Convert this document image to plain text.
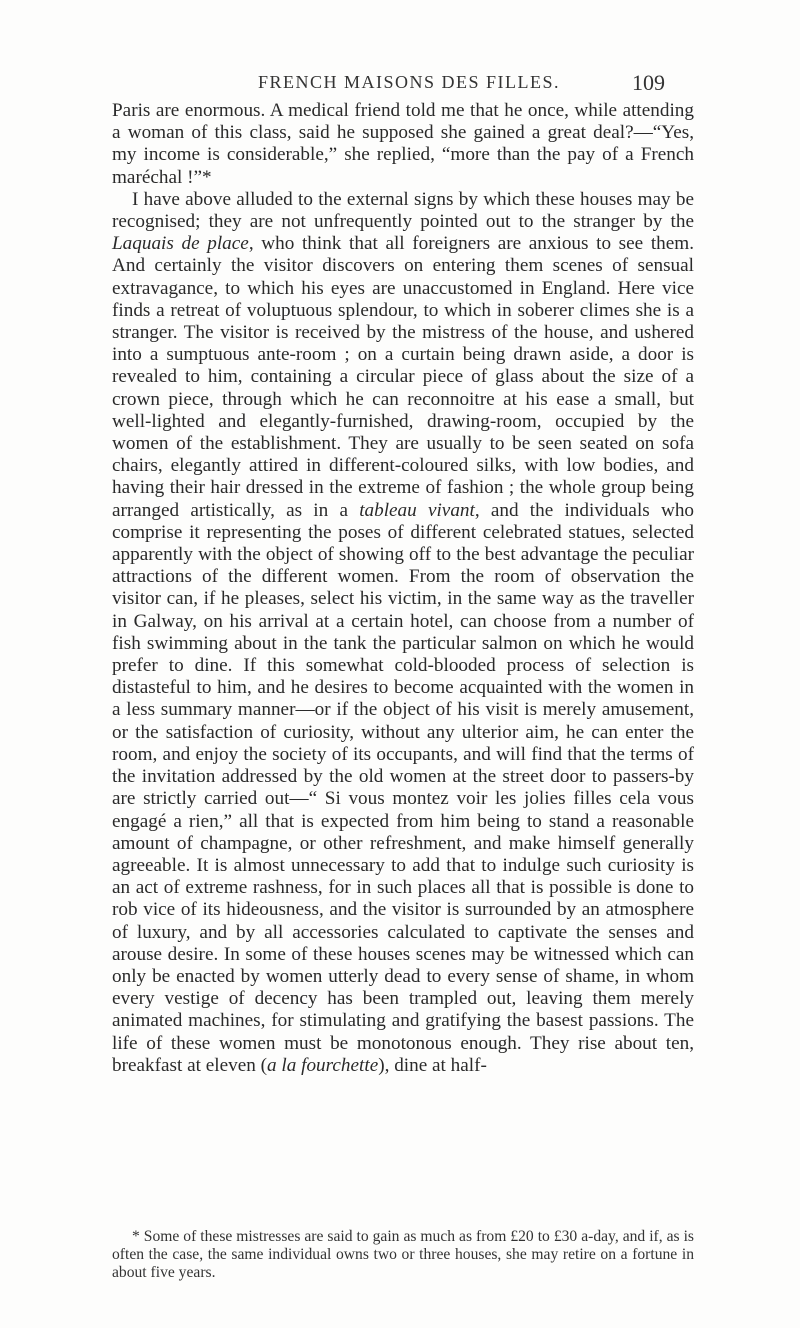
FRENCH MAISONS DES FILLES.	109

Paris are enormous. A medical friend told me that he once, while attending a woman of this class, said he supposed she gained a great deal?—“Yes, my income is considerable,” she replied, “more than the pay of a French maréchal !”*

I have above alluded to the external signs by which these houses may be recognised; they are not unfrequently pointed out to the stranger by the Laquais de place, who think that all foreigners are anxious to see them. And certainly the visitor discovers on entering them scenes of sensual extravagance, to which his eyes are unaccustomed in England. Here vice finds a retreat of voluptuous splendour, to which in soberer climes she is a stranger. The visitor is received by the mistress of the house, and ushered into a sumptuous ante-room ; on a curtain being drawn aside, a door is revealed to him, containing a circular piece of glass about the size of a crown piece, through which he can reconnoitre at his ease a small, but well-lighted and elegantly-furnished, drawing-room, occupied by the women of the establishment. They are usually to be seen seated on sofa chairs, elegantly attired in different-coloured silks, with low bodies, and having their hair dressed in the extreme of fashion ; the whole group being arranged artistically, as in a tableau vivant, and the individuals who comprise it representing the poses of different celebrated statues, selected apparently with the object of showing off to the best advantage the peculiar attractions of the different women. From the room of observation the visitor can, if he pleases, select his victim, in the same way as the traveller in Galway, on his arrival at a certain hotel, can choose from a number of fish swimming about in the tank the particular salmon on which he would prefer to dine. If this somewhat cold-blooded process of selection is distasteful to him, and he desires to become acquainted with the women in a less summary manner—or if the object of his visit is merely amusement, or the satisfaction of curiosity, without any ulterior aim, he can enter the room, and enjoy the society of its occupants, and will find that the terms of the invitation addressed by the old women at the street door to passers-by are strictly carried out—“ Si vous montez voir les jolies filles cela vous engagé a rien,” all that is expected from him being to stand a reasonable amount of champagne, or other refreshment, and make himself generally agreeable. It is almost unnecessary to add that to indulge such curiosity is an act of extreme rashness, for in such places all that is possible is done to rob vice of its hideousness, and the visitor is surrounded by an atmosphere of luxury, and by all accessories calculated to captivate the senses and arouse desire. In some of these houses scenes may be witnessed which can only be enacted by women utterly dead to every sense of shame, in whom every vestige of decency has been trampled out, leaving them merely animated machines, for stimulating and gratifying the basest passions. The life of these women must be monotonous enough. They rise about ten, breakfast at eleven (a la fourchette), dine at half-

* Some of these mistresses are said to gain as much as from £20 to £30 a-day, and if, as is often the case, the same individual owns two or three houses, she may retire on a fortune in about five years.
